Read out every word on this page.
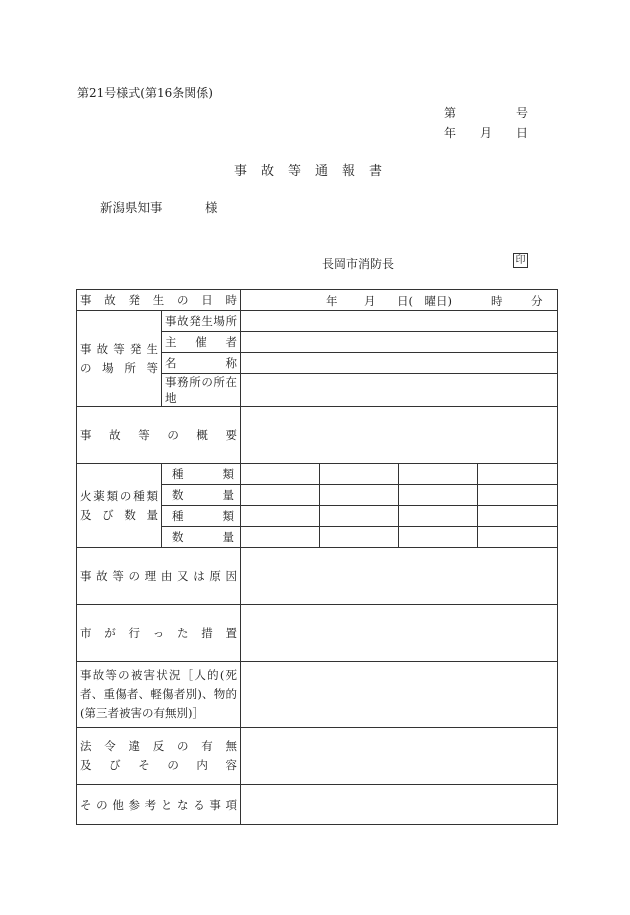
第21号様式(第16条関係)
第	号
年 月 日
事故等通報書
新潟県知事	様
長岡市消防長	印
事故発生の日時		年 月 日(　曜日) 時 分			

事故等発生
の 場 所 等	事故発生場所				
	主催者				
	名称				
	事務所の所在地				
事故等の概要					

火薬類の種類
及 び 数 量	種類				
	数量				
	種類				
	数量				
事故等の理由又は原因					
市が行った措置					
事故等の被害状況［人的(死者、重傷者、軽傷者別)、物的(第三者被害の有無別)］					

法令違反の有無
及びその内容					

その他参考となる事項					
